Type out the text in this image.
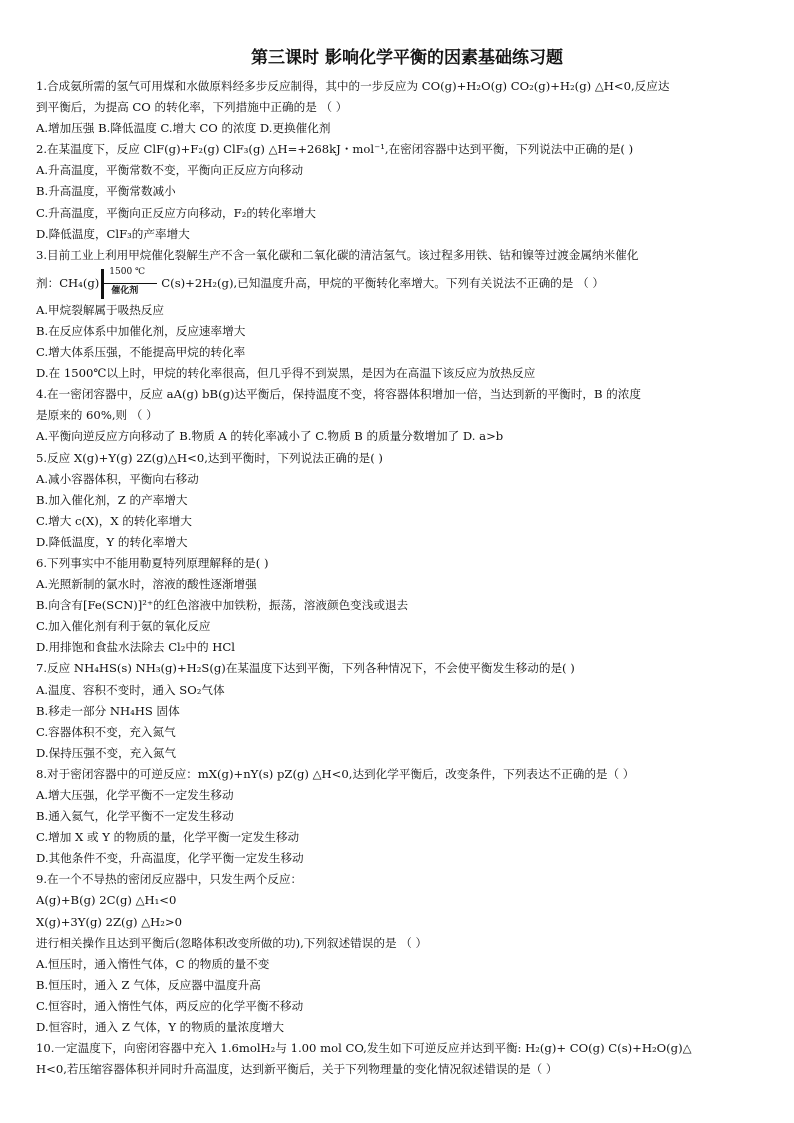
第三课时 影响化学平衡的因素基础练习题
1.合成氨所需的氢气可用煤和水做原料经多步反应制得，其中的一步反应为 CO(g)+H₂O(g) CO₂(g)+H₂(g) △H<0,反应达
到平衡后，为提高 CO 的转化率，下列措施中正确的是 （ ）
A.增加压强 B.降低温度 C.增大 CO 的浓度 D.更换催化剂
2.在某温度下，反应 ClF(g)+F₂(g) ClF₃(g) △H=+268kJ・mol⁻¹,在密闭容器中达到平衡，下列说法中正确的是( )
A.升高温度，平衡常数不变，平衡向正反应方向移动
B.升高温度，平衡常数减小
C.升高温度，平衡向正反应方向移动，F₂的转化率增大
D.降低温度，ClF₃的产率增大
3.目前工业上利用甲烷催化裂解生产不含一氧化碳和二氧化碳的清洁氢气。该过程多用铁、钴和镍等过渡金属纳米催化
剂：CH₄(g)
1500 ℃
催化剂
C(s)+2H₂(g),已知温度升高，甲烷的平衡转化率增大。下列有关说法不正确的是 （ ）
A.甲烷裂解属于吸热反应
B.在反应体系中加催化剂，反应速率增大
C.增大体系压强，不能提高甲烷的转化率
D.在 1500℃以上时，甲烷的转化率很高，但几乎得不到炭黑，是因为在高温下该反应为放热反应
4.在一密闭容器中，反应 aA(g) bB(g)达平衡后，保持温度不变，将容器体积增加一倍，当达到新的平衡时，B 的浓度
是原来的 60%,则 （ ）
A.平衡向逆反应方向移动了 B.物质 A 的转化率减小了 C.物质 B 的质量分数增加了 D. a>b
5.反应 X(g)+Y(g) 2Z(g)△H<0,达到平衡时，下列说法正确的是( )
A.减小容器体积，平衡向右移动
B.加入催化剂，Z 的产率增大
C.增大 c(X)，X 的转化率增大
D.降低温度，Y 的转化率增大
6.下列事实中不能用勒夏特列原理解释的是( )
A.光照新制的氯水时，溶液的酸性逐渐增强
B.向含有[Fe(SCN)]²⁺的红色溶液中加铁粉，振荡，溶液颜色变浅或退去
C.加入催化剂有利于氨的氧化反应
D.用排饱和食盐水法除去 Cl₂中的 HCl
7.反应 NH₄HS(s) NH₃(g)+H₂S(g)在某温度下达到平衡，下列各种情况下，不会使平衡发生移动的是( )
A.温度、容积不变时，通入 SO₂气体
B.移走一部分 NH₄HS 固体
C.容器体积不变，充入氮气
D.保持压强不变，充入氮气
8.对于密闭容器中的可逆反应：mX(g)+nY(s) pZ(g) △H<0,达到化学平衡后，改变条件，下列表达不正确的是（ ）
A.增大压强，化学平衡不一定发生移动
B.通入氦气，化学平衡不一定发生移动
C.增加 X 或 Y 的物质的量，化学平衡一定发生移动
D.其他条件不变，升高温度，化学平衡一定发生移动
9.在一个不导热的密闭反应器中，只发生两个反应：
A(g)+B(g) 2C(g) △H₁<0
X(g)+3Y(g) 2Z(g) △H₂>0
进行相关操作且达到平衡后(忽略体积改变所做的功),下列叙述错误的是 （ ）
A.恒压时，通入惰性气体，C 的物质的量不变
B.恒压时，通入 Z 气体，反应器中温度升高
C.恒容时，通入惰性气体，两反应的化学平衡不移动
D.恒容时，通入 Z 气体，Y 的物质的量浓度增大
10.一定温度下，向密闭容器中充入 1.6molH₂与 1.00 mol CO,发生如下可逆反应并达到平衡: H₂(g)+ CO(g) C(s)+H₂O(g)△
H<0,若压缩容器体积并同时升高温度，达到新平衡后，关于下列物理量的变化情况叙述错误的是（ ）
